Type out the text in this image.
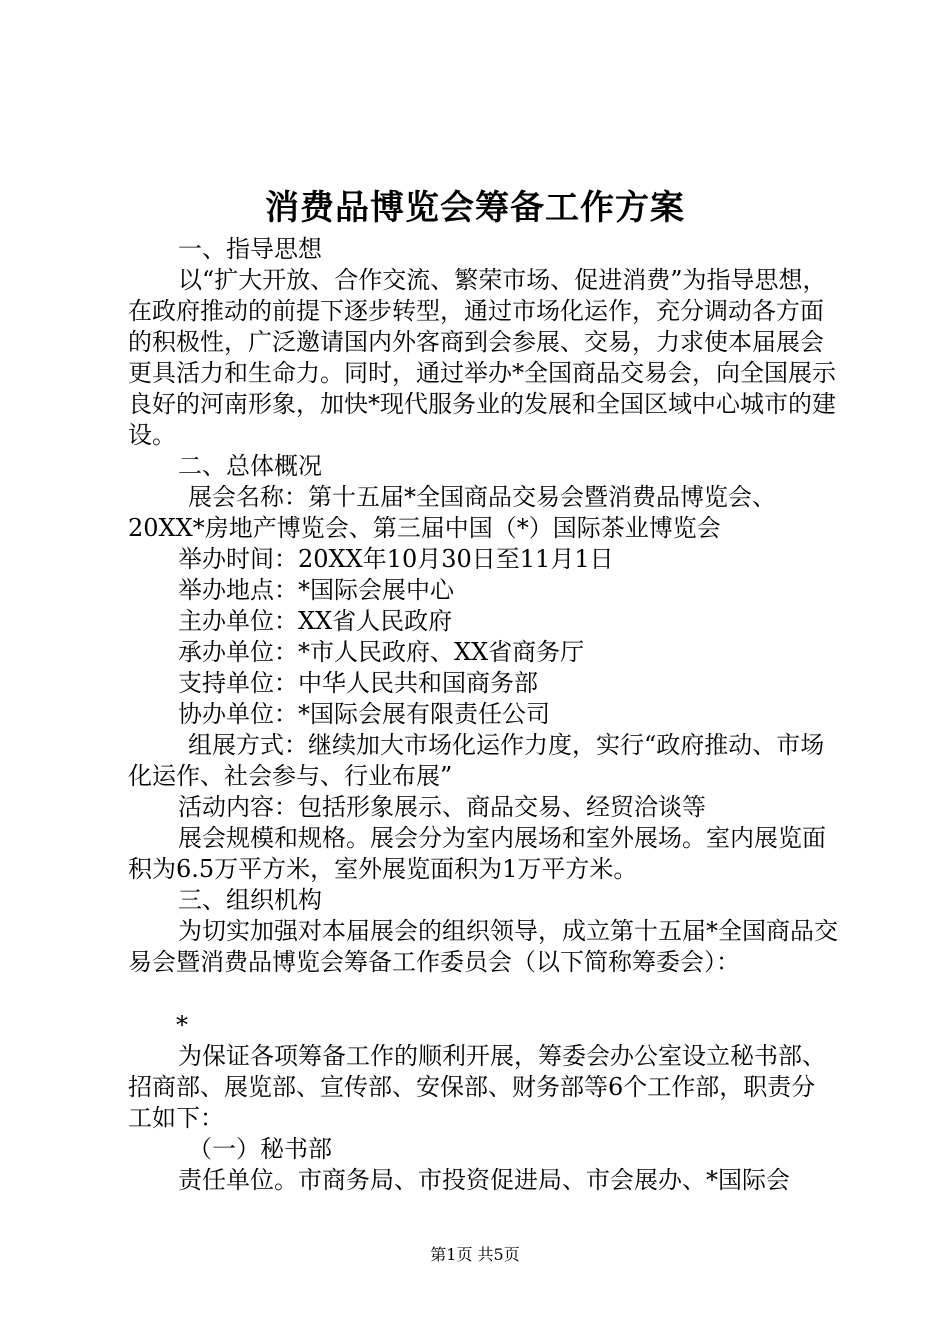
消费品博览会筹备工作方案

一、指导思想

以“扩大开放、合作交流、繁荣市场、促进消费”为指导思想，在政府推动的前提下逐步转型，通过市场化运作，充分调动各方面的积极性，广泛邀请国内外客商到会参展、交易，力求使本届展会更具活力和生命力。同时，通过举办*全国商品交易会，向全国展示良好的河南形象，加快*现代服务业的发展和全国区域中心城市的建设。

二、总体概况

展会名称：第十五届*全国商品交易会暨消费品博览会、20XX*房地产博览会、第三届中国（*）国际茶业博览会

举办时间：20XX年10月30日至11月1日

举办地点：*国际会展中心

主办单位：XX省人民政府

承办单位：*市人民政府、XX省商务厅

支持单位：中华人民共和国商务部

协办单位：*国际会展有限责任公司

组展方式：继续加大市场化运作力度，实行“政府推动、市场化运作、社会参与、行业布展”

活动内容：包括形象展示、商品交易、经贸洽谈等

展会规模和规格。展会分为室内展场和室外展场。室内展览面积为6.5万平方米，室外展览面积为1万平方米。

三、组织机构

为切实加强对本届展会的组织领导，成立第十五届*全国商品交易会暨消费品博览会筹备工作委员会（以下简称筹委会）：

*

为保证各项筹备工作的顺利开展，筹委会办公室设立秘书部、招商部、展览部、宣传部、安保部、财务部等6个工作部，职责分工如下：

（一）秘书部

责任单位。市商务局、市投资促进局、市会展办、*国际会

第1页 共5页
